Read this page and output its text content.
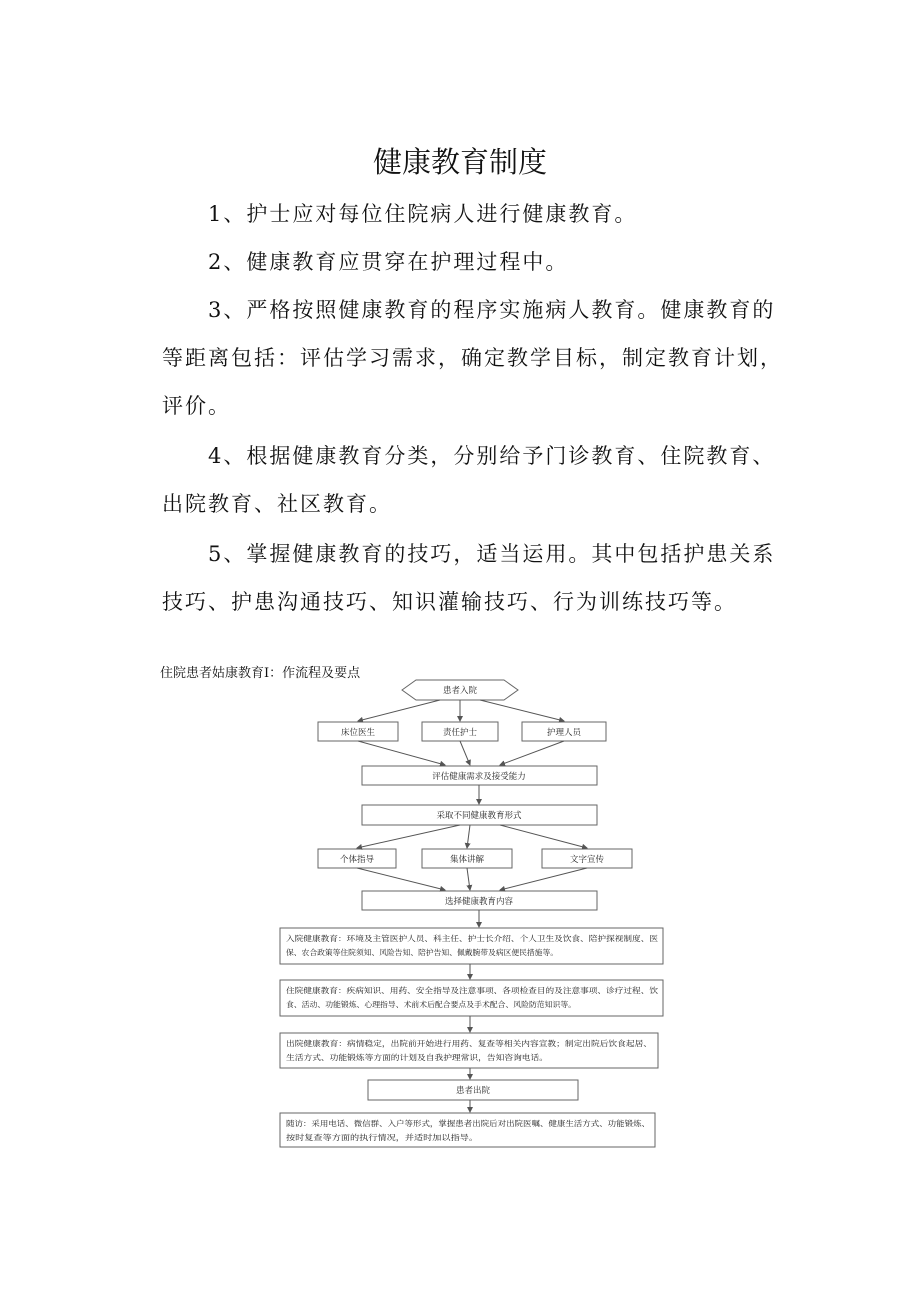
健康教育制度

1、护士应对每位住院病人进行健康教育。

2、健康教育应贯穿在护理过程中。

3、严格按照健康教育的程序实施病人教育。健康教育的等距离包括：评估学习需求，确定教学目标，制定教育计划，评价。

4、根据健康教育分类，分别给予门诊教育、住院教育、出院教育、社区教育。

5、掌握健康教育的技巧，适当运用。其中包括护患关系技巧、护患沟通技巧、知识灌输技巧、行为训练技巧等。

住院患者姑康教育I：作流程及要点

患者入院
床位医生	责任护士	护理人员
评估健康需求及接受能力
采取不同健康教育形式
个体指导	集体讲解	文字宣传
选择健康教育内容
患者出院
入院健康教育：环境及主管医护人员、科主任、护士长介绍、个人卫生及饮食、陪护探视制度、医
保、农合政策等住院须知、风险告知、陪护告知、佩戴腕带及病区便民措施等。
住院健康教育：疾病知识、用药、安全指导及注意事项、各项检查目的及注意事项、诊疗过程、饮
食、活动、功能锻炼、心理指导、术前术后配合要点及手术配合、风险防范知识等。
出院健康教育：病情稳定，出院前开始进行用药、复查等相关内容宣教；制定出院后饮食起居、
生活方式、功能锻炼等方面的计划及自我护理常识，告知咨询电话。
随访：采用电话、微信群、入户等形式，掌握患者出院后对出院医嘱、健康生活方式、功能锻炼、
按时复查等方面的执行情况，并适时加以指导。
